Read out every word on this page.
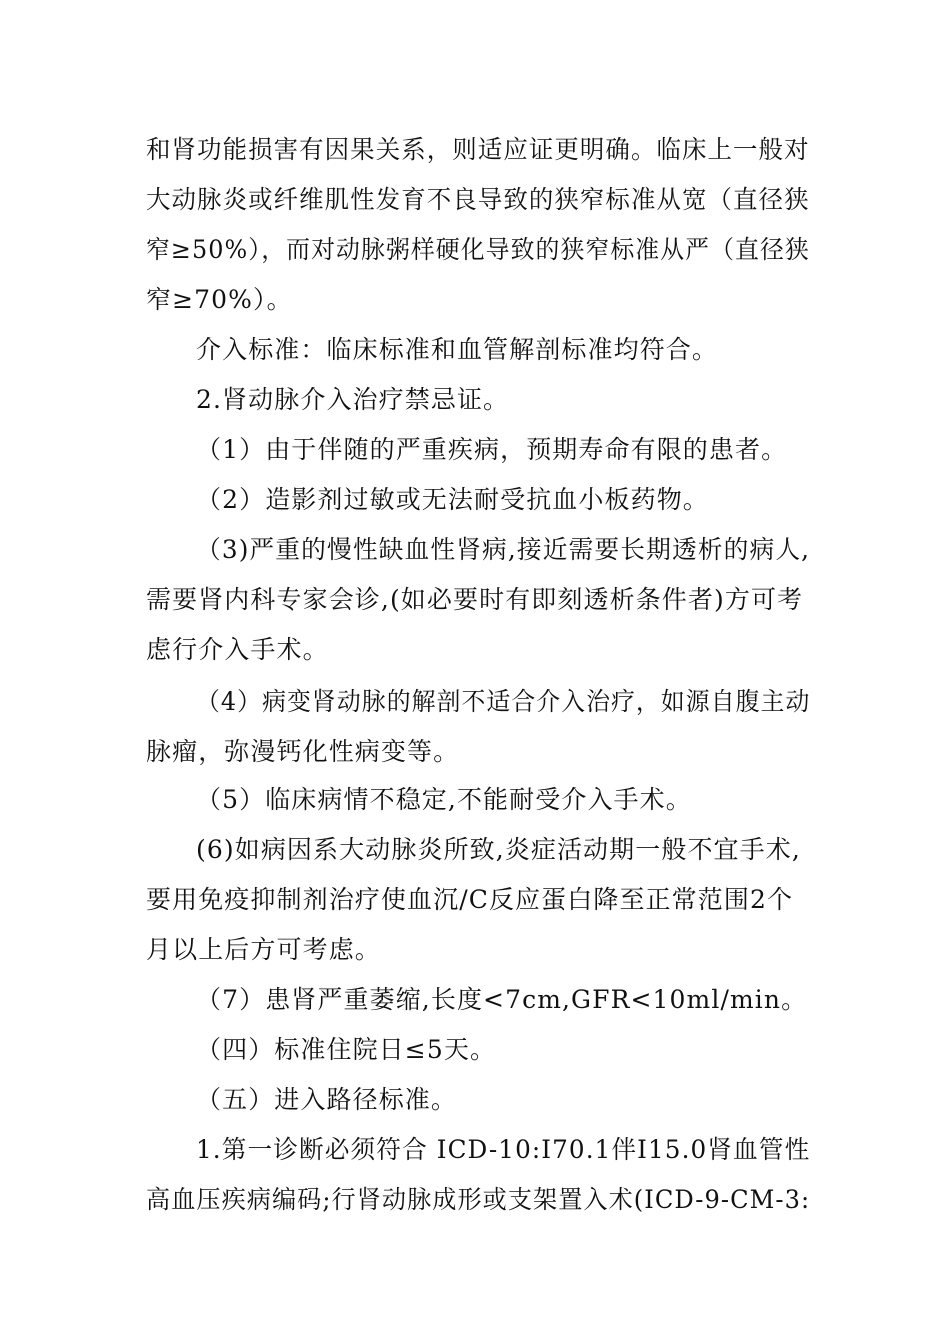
和肾功能损害有因果关系，则适应证更明确。临床上一般对
大动脉炎或纤维肌性发育不良导致的狭窄标准从宽（直径狭
窄≥50%），而对动脉粥样硬化导致的狭窄标准从严（直径狭
窄≥70%）。
介入标准：临床标准和血管解剖标准均符合。
2.肾动脉介入治疗禁忌证。
（1）由于伴随的严重疾病，预期寿命有限的患者。
（2）造影剂过敏或无法耐受抗血小板药物。
（3)严重的慢性缺血性肾病,接近需要长期透析的病人,
需要肾内科专家会诊,(如必要时有即刻透析条件者)方可考
虑行介入手术。
（4）病变肾动脉的解剖不适合介入治疗，如源自腹主动
脉瘤，弥漫钙化性病变等。
（5）临床病情不稳定,不能耐受介入手术。
(6)如病因系大动脉炎所致,炎症活动期一般不宜手术,
要用免疫抑制剂治疗使血沉/C反应蛋白降至正常范围2个
月以上后方可考虑。
（7）患肾严重萎缩,长度<7cm,GFR<10ml/min。
（四）标准住院日≤5天。
（五）进入路径标准。
1.第一诊断必须符合 ICD-10:I70.1伴I15.0肾血管性
高血压疾病编码;行肾动脉成形或支架置入术(ICD-9-CM-3:
